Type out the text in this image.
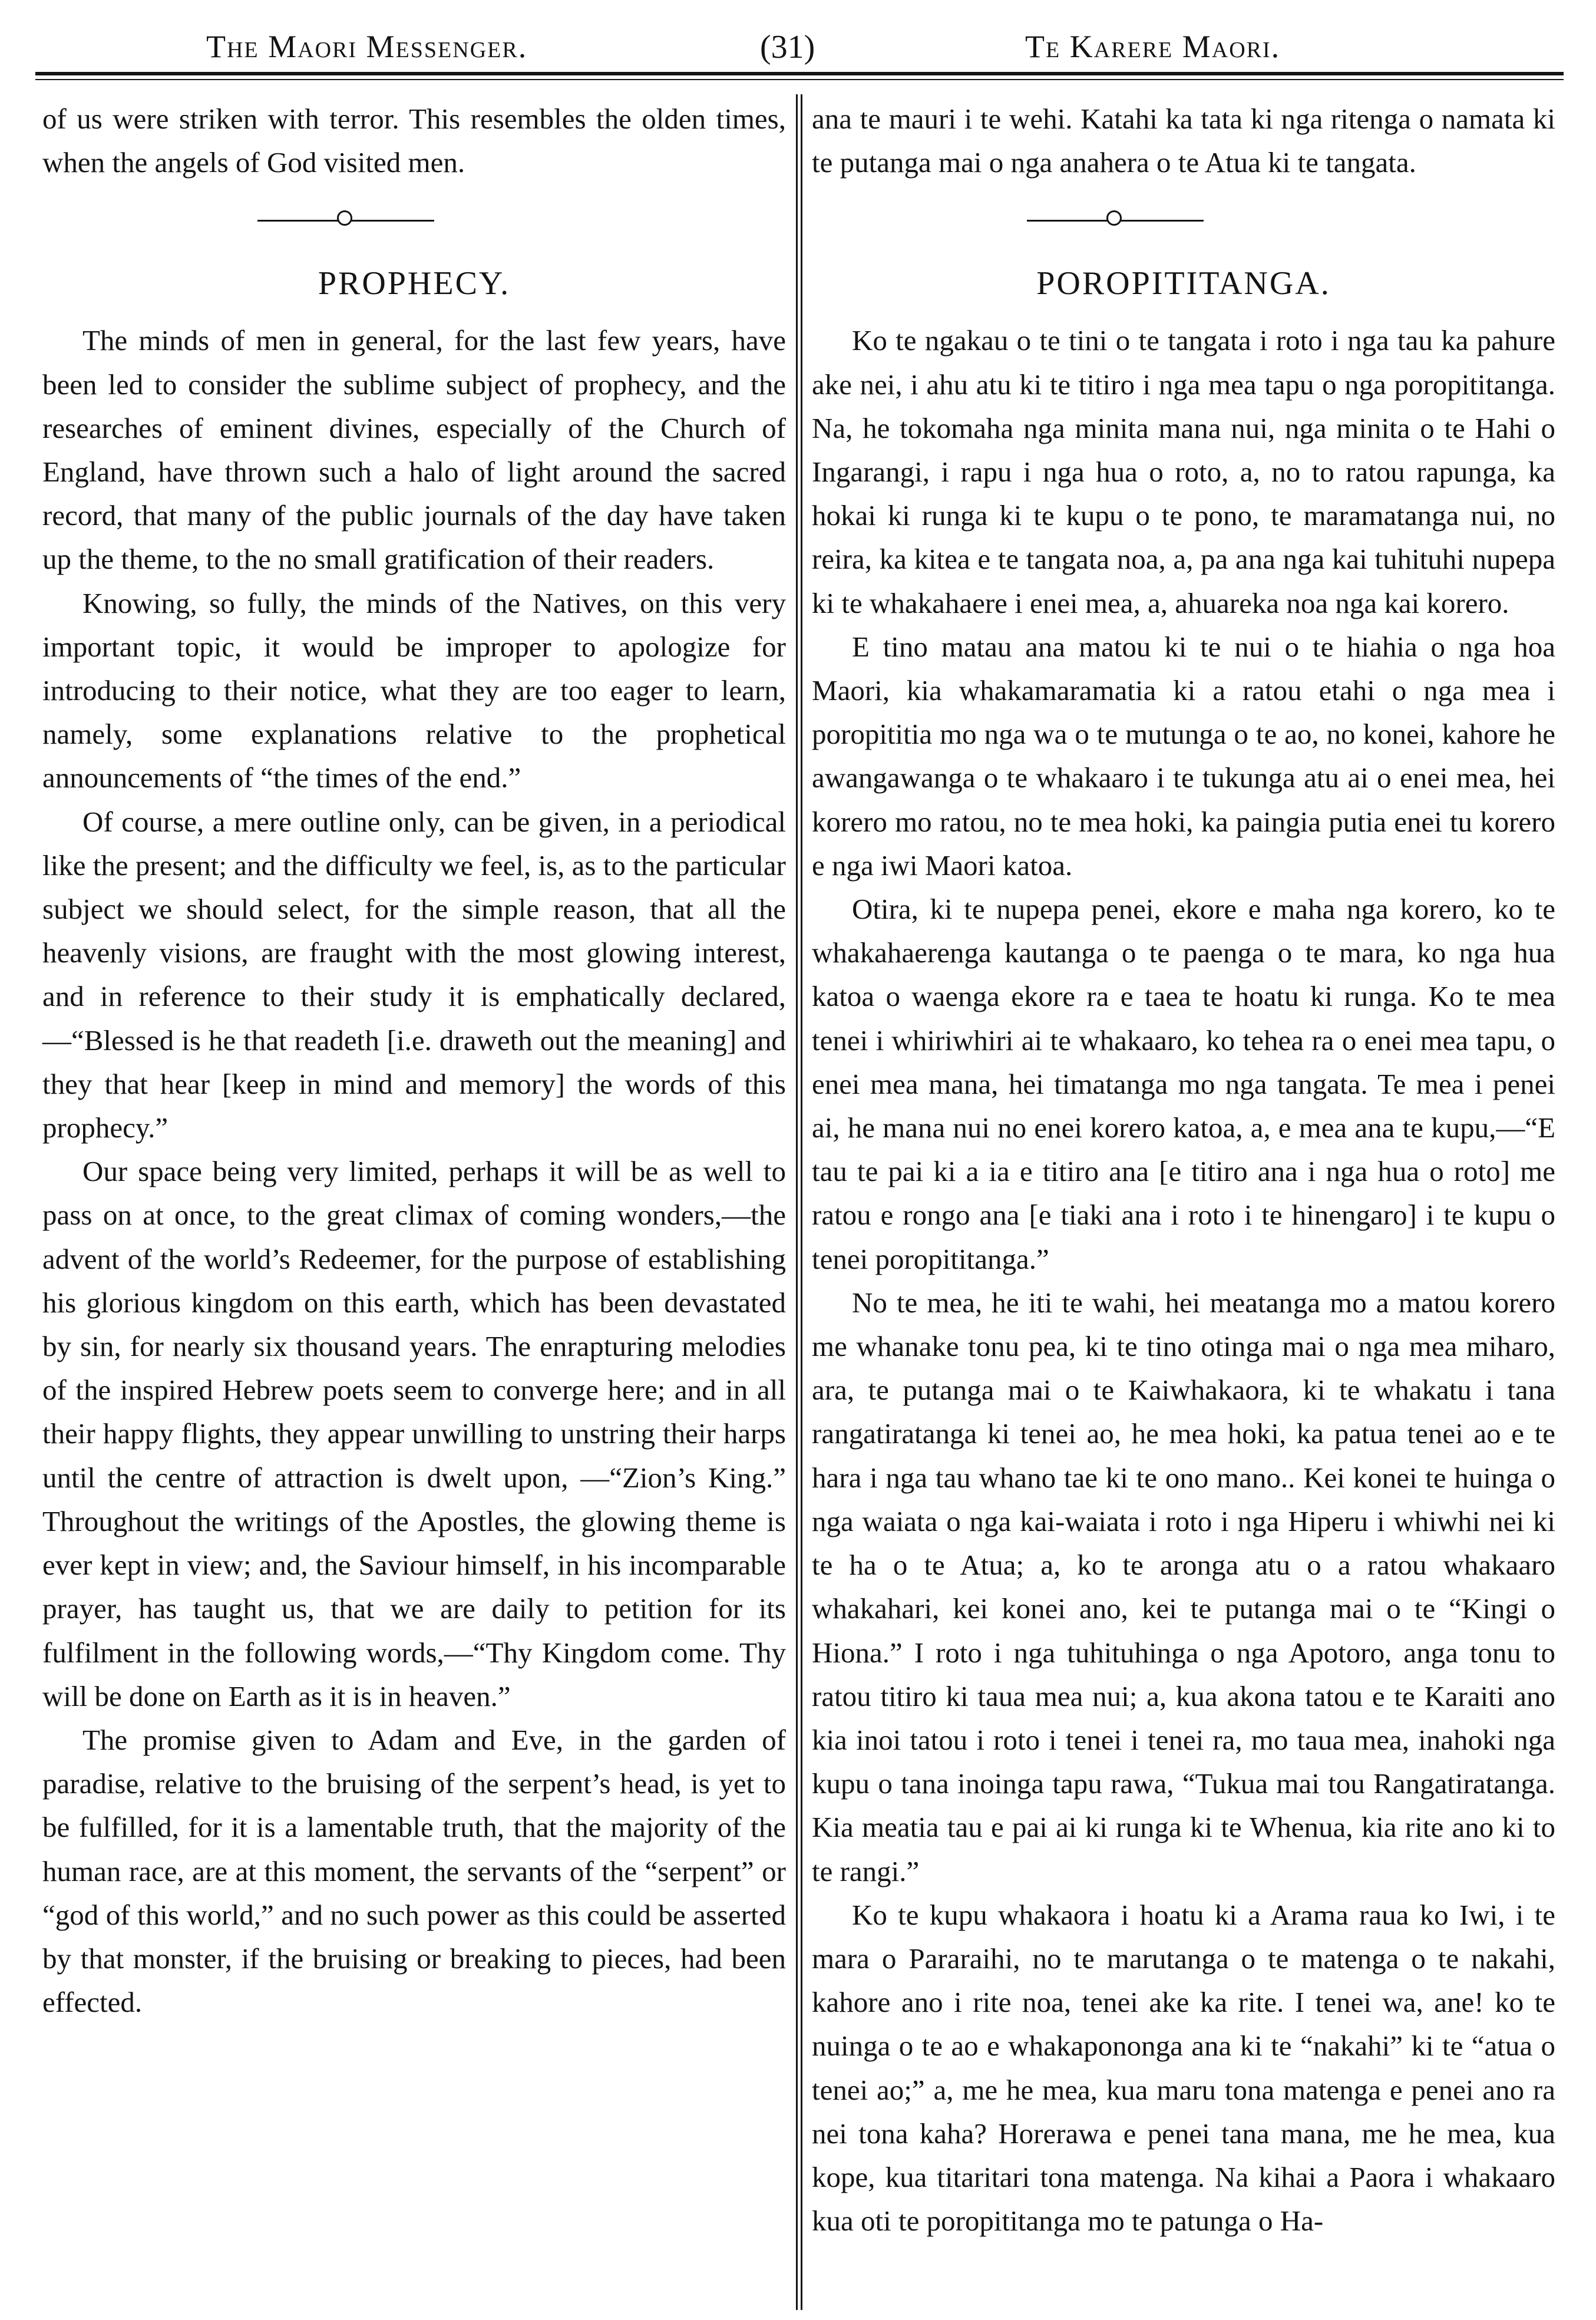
The Maori Messenger.	(31)	Te Karere Maori.

of us were striken with terror. This resembles the olden times, when the angels of God visited men.

PROPHECY.

The minds of men in general, for the last few years, have been led to consider the sublime subject of prophecy, and the researches of eminent divines, especially of the Church of England, have thrown such a halo of light around the sacred record, that many of the public journals of the day have taken up the theme, to the no small gratification of their readers.

Knowing, so fully, the minds of the Natives, on this very important topic, it would be improper to apologize for introducing to their notice, what they are too eager to learn, namely, some explanations relative to the prophetical announcements of “the times of the end.”

Of course, a mere outline only, can be given, in a periodical like the present; and the difficulty we feel, is, as to the particular subject we should select, for the simple reason, that all the heavenly visions, are fraught with the most glowing interest, and in reference to their study it is emphatically declared,—“Blessed is he that readeth [i.e. draweth out the meaning] and they that hear [keep in mind and memory] the words of this prophecy.”

Our space being very limited, perhaps it will be as well to pass on at once, to the great climax of coming wonders,—the advent of the world’s Redeemer, for the purpose of establishing his glorious kingdom on this earth, which has been devastated by sin, for nearly six thousand years. The enrapturing melodies of the inspired Hebrew poets seem to converge here; and in all their happy flights, they appear unwilling to unstring their harps until the centre of attraction is dwelt upon, —“Zion’s King.” Throughout the writings of the Apostles, the glowing theme is ever kept in view; and, the Saviour himself, in his incomparable prayer, has taught us, that we are daily to petition for its fulfilment in the following words,—“Thy Kingdom come. Thy will be done on Earth as it is in heaven.”

The promise given to Adam and Eve, in the garden of paradise, relative to the bruising of the serpent’s head, is yet to be fulfilled, for it is a lamentable truth, that the majority of the human race, are at this moment, the servants of the “serpent” or “god of this world,” and no such power as this could be asserted by that monster, if the bruising or breaking to pieces, had been effected.

ana te mauri i te wehi. Katahi ka tata ki nga ritenga o namata ki te putanga mai o nga anahera o te Atua ki te tangata.

POROPITITANGA.

Ko te ngakau o te tini o te tangata i roto i nga tau ka pahure ake nei, i ahu atu ki te titiro i nga mea tapu o nga poropititanga. Na, he tokomaha nga minita mana nui, nga minita o te Hahi o Ingarangi, i rapu i nga hua o roto, a, no to ratou rapunga, ka hokai ki runga ki te kupu o te pono, te maramatanga nui, no reira, ka kitea e te tangata noa, a, pa ana nga kai tuhituhi nupepa ki te whakahaere i enei mea, a, ahuareka noa nga kai korero.

E tino matau ana matou ki te nui o te hiahia o nga hoa Maori, kia whakamaramatia ki a ratou etahi o nga mea i poropititia mo nga wa o te mutunga o te ao, no konei, kahore he awangawanga o te whakaaro i te tukunga atu ai o enei mea, hei korero mo ratou, no te mea hoki, ka paingia putia enei tu korero e nga iwi Maori katoa.

Otira, ki te nupepa penei, ekore e maha nga korero, ko te whakahaerenga kautanga o te paenga o te mara, ko nga hua katoa o waenga ekore ra e taea te hoatu ki runga. Ko te mea tenei i whiriwhiri ai te whakaaro, ko tehea ra o enei mea tapu, o enei mea mana, hei timatanga mo nga tangata. Te mea i penei ai, he mana nui no enei korero katoa, a, e mea ana te kupu,—“E tau te pai ki a ia e titiro ana [e titiro ana i nga hua o roto] me ratou e rongo ana [e tiaki ana i roto i te hinengaro] i te kupu o tenei poropititanga.”

No te mea, he iti te wahi, hei meatanga mo a matou korero me whanake tonu pea, ki te tino otinga mai o nga mea miharo, ara, te putanga mai o te Kaiwhakaora, ki te whakatu i tana rangatiratanga ki tenei ao, he mea hoki, ka patua tenei ao e te hara i nga tau whano tae ki te ono mano.. Kei konei te huinga o nga waiata o nga kai-waiata i roto i nga Hiperu i whiwhi nei ki te ha o te Atua; a, ko te aronga atu o a ratou whakaaro whakahari, kei konei ano, kei te putanga mai o te “Kingi o Hiona.” I roto i nga tuhituhinga o nga Apotoro, anga tonu to ratou titiro ki taua mea nui; a, kua akona tatou e te Karaiti ano kia inoi tatou i roto i tenei i tenei ra, mo taua mea, inahoki nga kupu o tana inoinga tapu rawa, “Tukua mai tou Rangatiratanga. Kia meatia tau e pai ai ki runga ki te Whenua, kia rite ano ki to te rangi.”

Ko te kupu whakaora i hoatu ki a Arama raua ko Iwi, i te mara o Pararaihi, no te marutanga o te matenga o te nakahi, kahore ano i rite noa, tenei ake ka rite. I tenei wa, ane! ko te nuinga o te ao e whakapononga ana ki te “nakahi” ki te “atua o tenei ao;” a, me he mea, kua maru tona matenga e penei ano ra nei tona kaha? Horerawa e penei tana mana, me he mea, kua kope, kua titaritari tona matenga. Na kihai a Paora i whakaaro kua oti te poropititanga mo te patunga o Ha-
